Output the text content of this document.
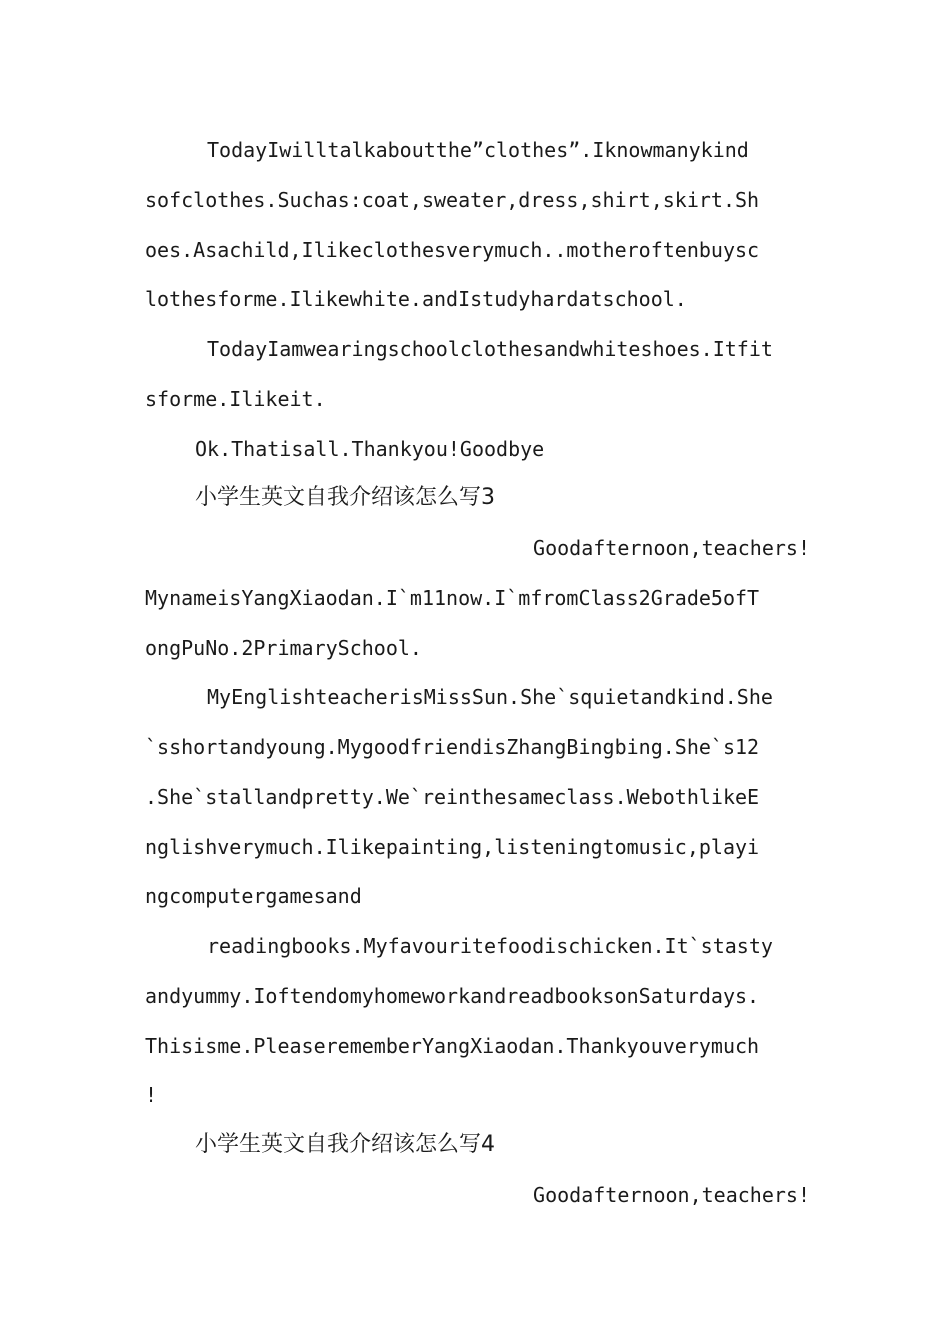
TodayIwilltalkaboutthe”clothes”.Iknowmanykind
sofclothes.Suchas:coat,sweater,dress,shirt,skirt.Sh
oes.Asachild,Ilikeclothesverymuch..motheroftenbuysc
lothesforme.Ilikewhite.andIstudyhardatschool.
TodayIamwearingschoolclothesandwhiteshoes.Itfit
sforme.Ilikeit.
Ok.Thatisall.Thankyou!Goodbye
小学生英文自我介绍该怎么写3
Goodafternoon,teachers!
MynameisYangXiaodan.I`m11now.I`mfromClass2Grade5ofT
ongPuNo.2PrimarySchool.
MyEnglishteacherisMissSun.She`squietandkind.She
`sshortandyoung.MygoodfriendisZhangBingbing.She`s12
.She`stallandpretty.We`reinthesameclass.WebothlikeE
nglishverymuch.Ilikepainting,listeningtomusic,playi
ngcomputergamesand
readingbooks.Myfavouritefoodischicken.It`stasty
andyummy.IoftendomyhomeworkandreadbooksonSaturdays.
Thisisme.PleaserememberYangXiaodan.Thankyouverymuch
!
小学生英文自我介绍该怎么写4
Goodafternoon,teachers!
